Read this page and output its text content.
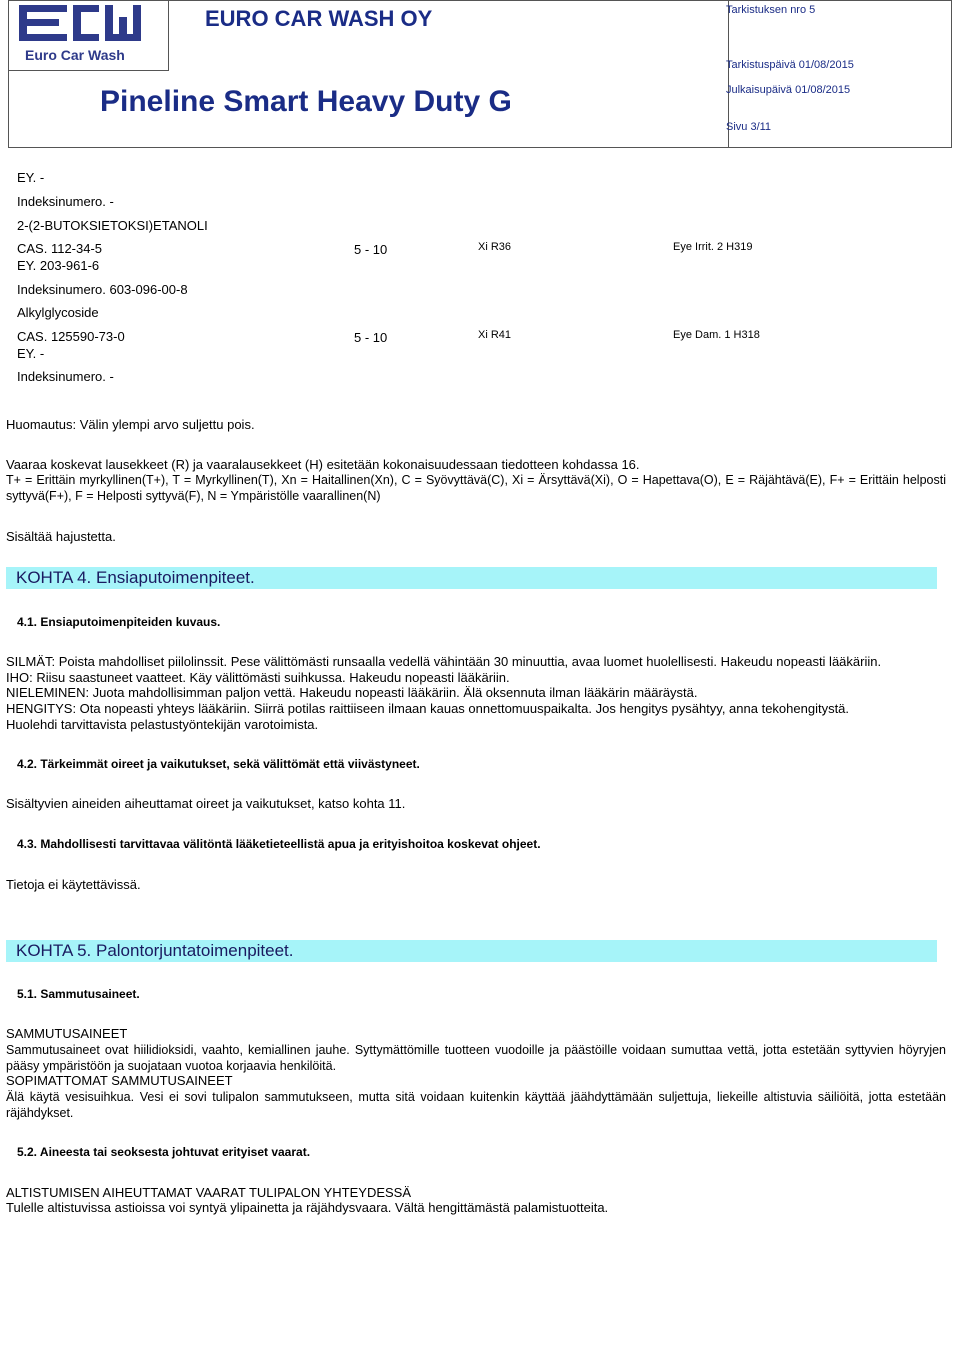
Euro Car Wash
EURO CAR WASH OY
Pineline Smart Heavy Duty G
Tarkistuksen nro 5
Tarkistuspäivä 01/08/2015
Julkaisupäivä 01/08/2015
Sivu 3/11
EY. -
Indeksinumero. -
2-(2-BUTOKSIETOKSI)ETANOLI
CAS. 112-34-5
EY. 203-961-6
Indeksinumero. 603-096-00-8
5 - 10	Xi R36	Eye Irrit. 2 H319
Alkylglycoside
CAS. 125590-73-0
EY. -
Indeksinumero. -
5 - 10	Xi R41	Eye Dam. 1 H318
Huomautus: Välin ylempi arvo suljettu pois.
Vaaraa koskevat lausekkeet (R) ja vaaralausekkeet (H) esitetään kokonaisuudessaan tiedotteen kohdassa 16.
T+ = Erittäin myrkyllinen(T+), T = Myrkyllinen(T), Xn = Haitallinen(Xn), C = Syövyttävä(C), Xi = Ärsyttävä(Xi), O = Hapettava(O), E = Räjähtävä(E), F+ = Erittäin helposti syttyvä(F+), F = Helposti syttyvä(F), N = Ympäristölle vaarallinen(N)
Sisältää hajustetta.
KOHTA 4. Ensiaputoimenpiteet.
4.1. Ensiaputoimenpiteiden kuvaus.
SILMÄT: Poista mahdolliset piilolinssit. Pese välittömästi runsaalla vedellä vähintään 30 minuuttia, avaa luomet huolellisesti. Hakeudu nopeasti lääkäriin.
IHO: Riisu saastuneet vaatteet. Käy välittömästi suihkussa. Hakeudu nopeasti lääkäriin.
NIELEMINEN: Juota mahdollisimman paljon vettä. Hakeudu nopeasti lääkäriin. Älä oksennuta ilman lääkärin määräystä.
HENGITYS: Ota nopeasti yhteys lääkäriin. Siirrä potilas raittiiseen ilmaan kauas onnettomuuspaikalta. Jos hengitys pysähtyy, anna tekohengitystä.
Huolehdi tarvittavista pelastustyöntekijän varotoimista.
4.2. Tärkeimmät oireet ja vaikutukset, sekä välittömät että viivästyneet.
Sisältyvien aineiden aiheuttamat oireet ja vaikutukset, katso kohta 11.
4.3. Mahdollisesti tarvittavaa välitöntä lääketieteellistä apua ja erityishoitoa koskevat ohjeet.
Tietoja ei käytettävissä.
KOHTA 5. Palontorjuntatoimenpiteet.
5.1. Sammutusaineet.
SAMMUTUSAINEET
Sammutusaineet ovat hiilidioksidi, vaahto, kemiallinen jauhe. Syttymättömille tuotteen vuodoille ja päästöille voidaan sumuttaa vettä, jotta estetään syttyvien höyryjen pääsy ympäristöön ja suojataan vuotoa korjaavia henkilöitä.
SOPIMATTOMAT SAMMUTUSAINEET
Älä käytä vesisuihkua. Vesi ei sovi tulipalon sammutukseen, mutta sitä voidaan kuitenkin käyttää jäähdyttämään suljettuja, liekeille altistuvia säiliöitä, jotta estetään räjähdykset.
5.2. Aineesta tai seoksesta johtuvat erityiset vaarat.
ALTISTUMISEN AIHEUTTAMAT VAARAT TULIPALON YHTEYDESSÄ
Tulelle altistuvissa astioissa voi syntyä ylipainetta ja räjähdysvaara. Vältä hengittämästä palamistuotteita.
